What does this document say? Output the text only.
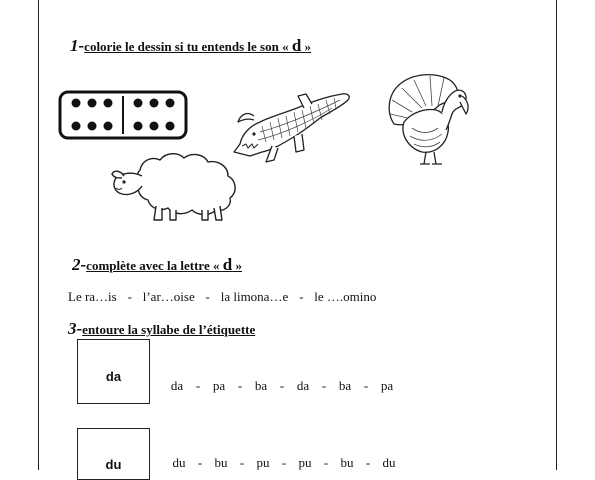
1-colorie le dessin si tu entends le son « d »
2-complète avec la lettre « d »
Le ra…is - l’ar…oise - la limona…e - le ….omino
3-entoure la syllabe de l’étiquette
da
da - pa - ba - da - ba - pa
du	du - bu - pu - pu - bu - du
